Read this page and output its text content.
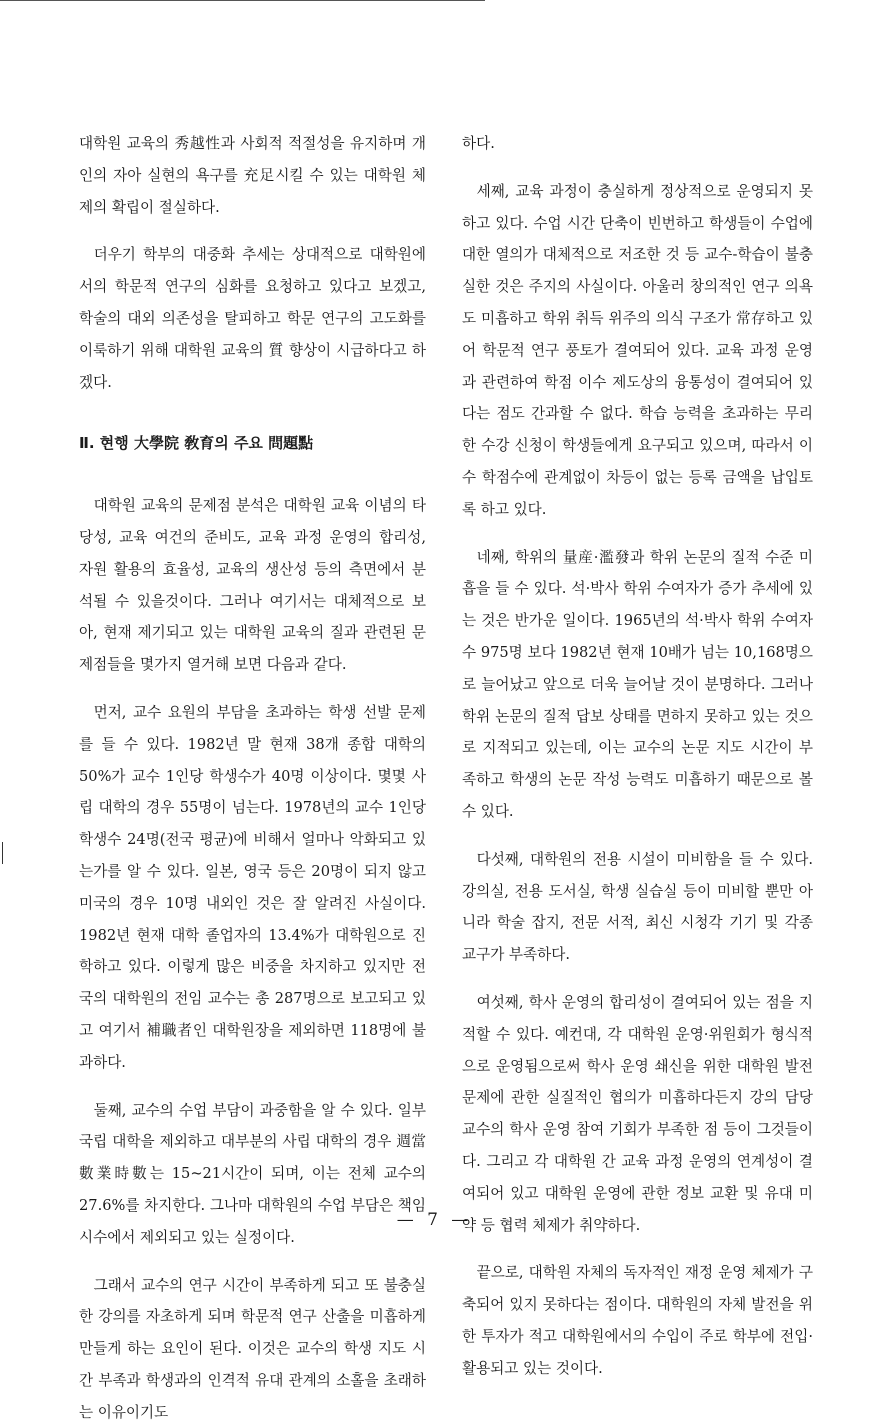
대학원 교육의 秀越性과 사회적 적절성을 유지하며 개인의 자아 실현의 욕구를 充足시킬 수 있는 대학원 체제의 확립이 절실하다.

더우기 학부의 대중화 추세는 상대적으로 대학원에서의 학문적 연구의 심화를 요청하고 있다고 보겠고, 학술의 대외 의존성을 탈피하고 학문 연구의 고도화를 이룩하기 위해 대학원 교육의 質 향상이 시급하다고 하겠다.

Ⅱ. 현행 大學院 敎育의 주요 問題點

대학원 교육의 문제점 분석은 대학원 교육 이념의 타당성, 교육 여건의 준비도, 교육 과정 운영의 합리성, 자원 활용의 효율성, 교육의 생산성 등의 측면에서 분석될 수 있을것이다. 그러나 여기서는 대체적으로 보아, 현재 제기되고 있는 대학원 교육의 질과 관련된 문제점들을 몇가지 열거해 보면 다음과 같다.

먼저, 교수 요원의 부담을 초과하는 학생 선발 문제를 들 수 있다. 1982년 말 현재 38개 종합 대학의 50%가 교수 1인당 학생수가 40명 이상이다. 몇몇 사립 대학의 경우 55명이 넘는다. 1978년의 교수 1인당 학생수 24명(전국 평균)에 비해서 얼마나 악화되고 있는가를 알 수 있다. 일본, 영국 등은 20명이 되지 않고 미국의 경우 10명 내외인 것은 잘 알려진 사실이다. 1982년 현재 대학 졸업자의 13.4%가 대학원으로 진학하고 있다. 이렇게 많은 비중을 차지하고 있지만 전국의 대학원의 전임 교수는 총 287명으로 보고되고 있고 여기서 補職者인 대학원장을 제외하면 118명에 불과하다.

둘째, 교수의 수업 부담이 과중함을 알 수 있다. 일부 국립 대학을 제외하고 대부분의 사립 대학의 경우 週當 數業時數는 15~21시간이 되며, 이는 전체 교수의 27.6%를 차지한다. 그나마 대학원의 수업 부담은 책임 시수에서 제외되고 있는 실정이다.

그래서 교수의 연구 시간이 부족하게 되고 또 불충실한 강의를 자초하게 되며 학문적 연구 산출을 미흡하게 만들게 하는 요인이 된다. 이것은 교수의 학생 지도 시간 부족과 학생과의 인격적 유대 관계의 소홀을 초래하는 이유이기도

하다.

세째, 교육 과정이 충실하게 정상적으로 운영되지 못하고 있다. 수업 시간 단축이 빈번하고 학생들이 수업에 대한 열의가 대체적으로 저조한 것 등 교수-학습이 불충실한 것은 주지의 사실이다. 아울러 창의적인 연구 의욕도 미흡하고 학위 취득 위주의 의식 구조가 常存하고 있어 학문적 연구 풍토가 결여되어 있다. 교육 과정 운영과 관련하여 학점 이수 제도상의 융통성이 결여되어 있다는 점도 간과할 수 없다. 학습 능력을 초과하는 무리한 수강 신청이 학생들에게 요구되고 있으며, 따라서 이수 학점수에 관계없이 차등이 없는 등록 금액을 납입토록 하고 있다.

네째, 학위의 量産·濫發과 학위 논문의 질적 수준 미흡을 들 수 있다. 석·박사 학위 수여자가 증가 추세에 있는 것은 반가운 일이다. 1965년의 석·박사 학위 수여자 수 975명 보다 1982년 현재 10배가 넘는 10,168명으로 늘어났고 앞으로 더욱 늘어날 것이 분명하다. 그러나 학위 논문의 질적 답보 상태를 면하지 못하고 있는 것으로 지적되고 있는데, 이는 교수의 논문 지도 시간이 부족하고 학생의 논문 작성 능력도 미흡하기 때문으로 볼 수 있다.

다섯째, 대학원의 전용 시설이 미비함을 들 수 있다. 강의실, 전용 도서실, 학생 실습실 등이 미비할 뿐만 아니라 학술 잡지, 전문 서적, 최신 시청각 기기 및 각종 교구가 부족하다.

여섯째, 학사 운영의 합리성이 결여되어 있는 점을 지적할 수 있다. 예컨대, 각 대학원 운영·위원회가 형식적으로 운영됨으로써 학사 운영 쇄신을 위한 대학원 발전 문제에 관한 실질적인 협의가 미흡하다든지 강의 담당 교수의 학사 운영 참여 기회가 부족한 점 등이 그것들이다. 그리고 각 대학원 간 교육 과정 운영의 연계성이 결여되어 있고 대학원 운영에 관한 정보 교환 및 유대 미약 등 협력 체제가 취약하다.

끝으로, 대학원 자체의 독자적인 재정 운영 체제가 구축되어 있지 못하다는 점이다. 대학원의 자체 발전을 위한 투자가 적고 대학원에서의 수입이 주로 학부에 전입·활용되고 있는 것이다.

— 7 —
